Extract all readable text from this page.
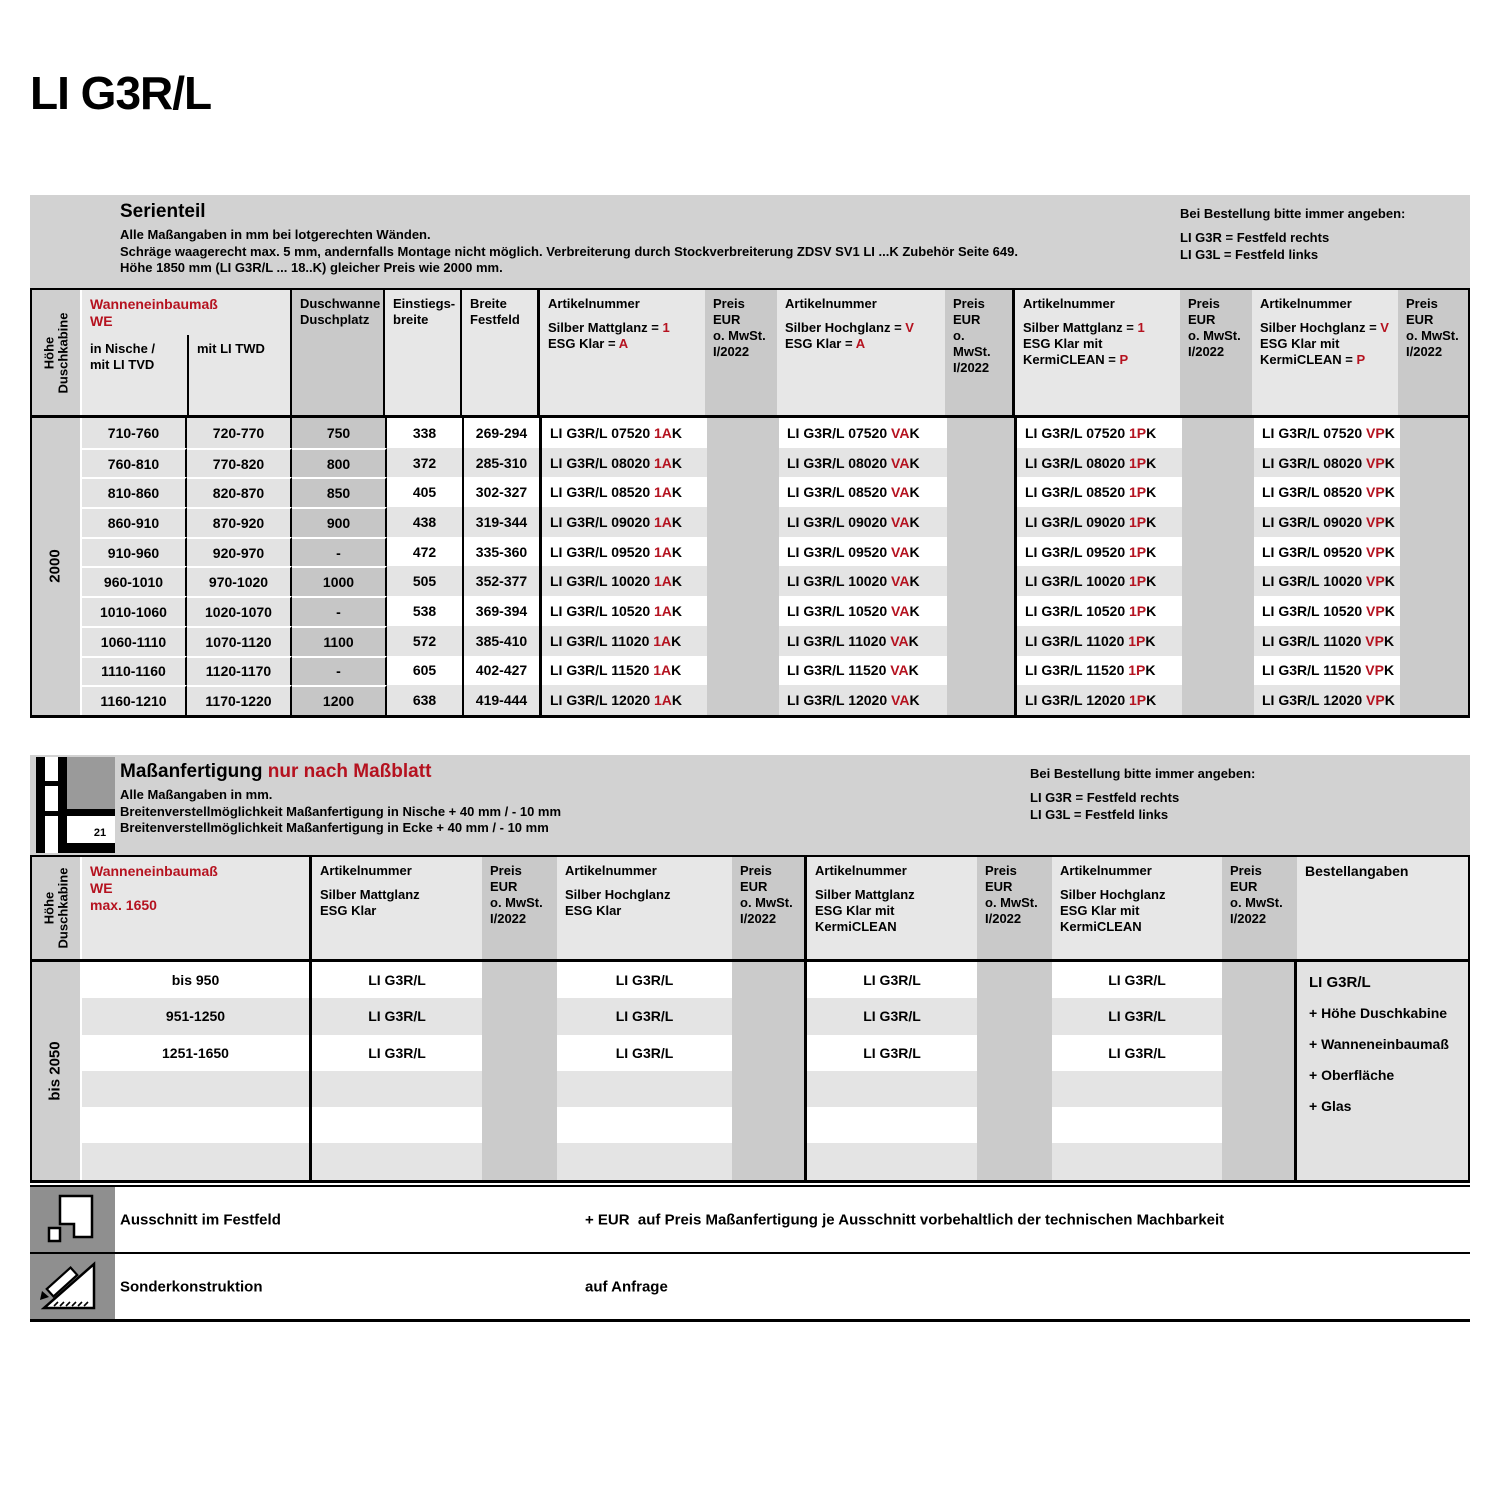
LI G3R/L
Serienteil
Alle Maßangaben in mm bei lotgerechten Wänden.
Schräge waagerecht max. 5 mm, andernfalls Montage nicht möglich. Verbreiterung durch Stockverbreiterung ZDSV SV1 LI ...K Zubehör Seite 649.
Höhe 1850 mm (LI G3R/L ... 18..K) gleicher Preis wie 2000 mm.
Bei Bestellung bitte immer angeben:
LI G3R = Festfeld rechts
LI G3L = Festfeld links
Höhe Duschkabine
Wanneneinbaumaß
WE
in Nische /
mit LI TVD
mit LI TWD
Duschwanne
Duschplatz
Einstiegs-
breite
Breite
Festfeld
Artikelnummer
Silber Mattglanz = 1
ESG Klar = A
Preis EUR
o. MwSt.
I/2022
Artikelnummer
Silber Hochglanz = V
ESG Klar = A
Preis EUR
o. MwSt.
I/2022
Artikelnummer
Silber Mattglanz = 1
ESG Klar mit
KermiCLEAN = P
Preis EUR
o. MwSt.
I/2022
Artikelnummer
Silber Hochglanz = V
ESG Klar mit
KermiCLEAN = P
Preis EUR
o. MwSt.
I/2022
2000
710-760	720-770	750	338	269-294	LI G3R/L 07520 1A K	LI G3R/L 07520 VA K	LI G3R/L 07520 1P K	LI G3R/L 07520 VP K
760-810	770-820	800	372	285-310	LI G3R/L 08020 1A K	LI G3R/L 08020 VA K	LI G3R/L 08020 1P K	LI G3R/L 08020 VP K
810-860	820-870	850	405	302-327	LI G3R/L 08520 1A K	LI G3R/L 08520 VA K	LI G3R/L 08520 1P K	LI G3R/L 08520 VP K
860-910	870-920	900	438	319-344	LI G3R/L 09020 1A K	LI G3R/L 09020 VA K	LI G3R/L 09020 1P K	LI G3R/L 09020 VP K
910-960	920-970	-	472	335-360	LI G3R/L 09520 1A K	LI G3R/L 09520 VA K	LI G3R/L 09520 1P K	LI G3R/L 09520 VP K
960-1010	970-1020	1000	505	352-377	LI G3R/L 10020 1A K	LI G3R/L 10020 VA K	LI G3R/L 10020 1P K	LI G3R/L 10020 VP K
1010-1060	1020-1070	-	538	369-394	LI G3R/L 10520 1A K	LI G3R/L 10520 VA K	LI G3R/L 10520 1P K	LI G3R/L 10520 VP K
1060-1110	1070-1120	1100	572	385-410	LI G3R/L 11020 1A K	LI G3R/L 11020 VA K	LI G3R/L 11020 1P K	LI G3R/L 11020 VP K
1110-1160	1120-1170	-	605	402-427	LI G3R/L 11520 1A K	LI G3R/L 11520 VA K	LI G3R/L 11520 1P K	LI G3R/L 11520 VP K
1160-1210	1170-1220	1200	638	419-444	LI G3R/L 12020 1A K	LI G3R/L 12020 VA K	LI G3R/L 12020 1P K	LI G3R/L 12020 VP K
21
Maßanfertigung nur nach Maßblatt
Alle Maßangaben in mm.
Breitenverstellmöglichkeit Maßanfertigung in Nische + 40 mm / - 10 mm
Breitenverstellmöglichkeit Maßanfertigung in Ecke + 40 mm / - 10 mm
Bei Bestellung bitte immer angeben:
LI G3R = Festfeld rechts
LI G3L = Festfeld links
Höhe Duschkabine Wanneneinbaumaß
WE
max. 1650
Artikelnummer
Silber Mattglanz
ESG Klar
Preis EUR
o. MwSt.
I/2022
Artikelnummer
Silber Hochglanz
ESG Klar
Preis EUR
o. MwSt.
I/2022
Artikelnummer
Silber Mattglanz
ESG Klar mit KermiCLEAN
Preis EUR
o. MwSt.
I/2022
Artikelnummer
Silber Hochglanz
ESG Klar mit KermiCLEAN
Preis EUR
o. MwSt.
I/2022
Bestellangaben
bis 2050
bis 950	LI G3R/L	LI G3R/L	LI G3R/L	LI G3R/L
951-1250	LI G3R/L	LI G3R/L	LI G3R/L	LI G3R/L
1251-1650	LI G3R/L	LI G3R/L	LI G3R/L	LI G3R/L
LI G3R/L
+ Höhe Duschkabine
+ Wanneneinbaumaß
+ Oberfläche
+ Glas
Ausschnitt im Festfeld	+ EUR  auf Preis Maßanfertigung je Ausschnitt vorbehaltlich der technischen Machbarkeit
Sonderkonstruktion	auf Anfrage
